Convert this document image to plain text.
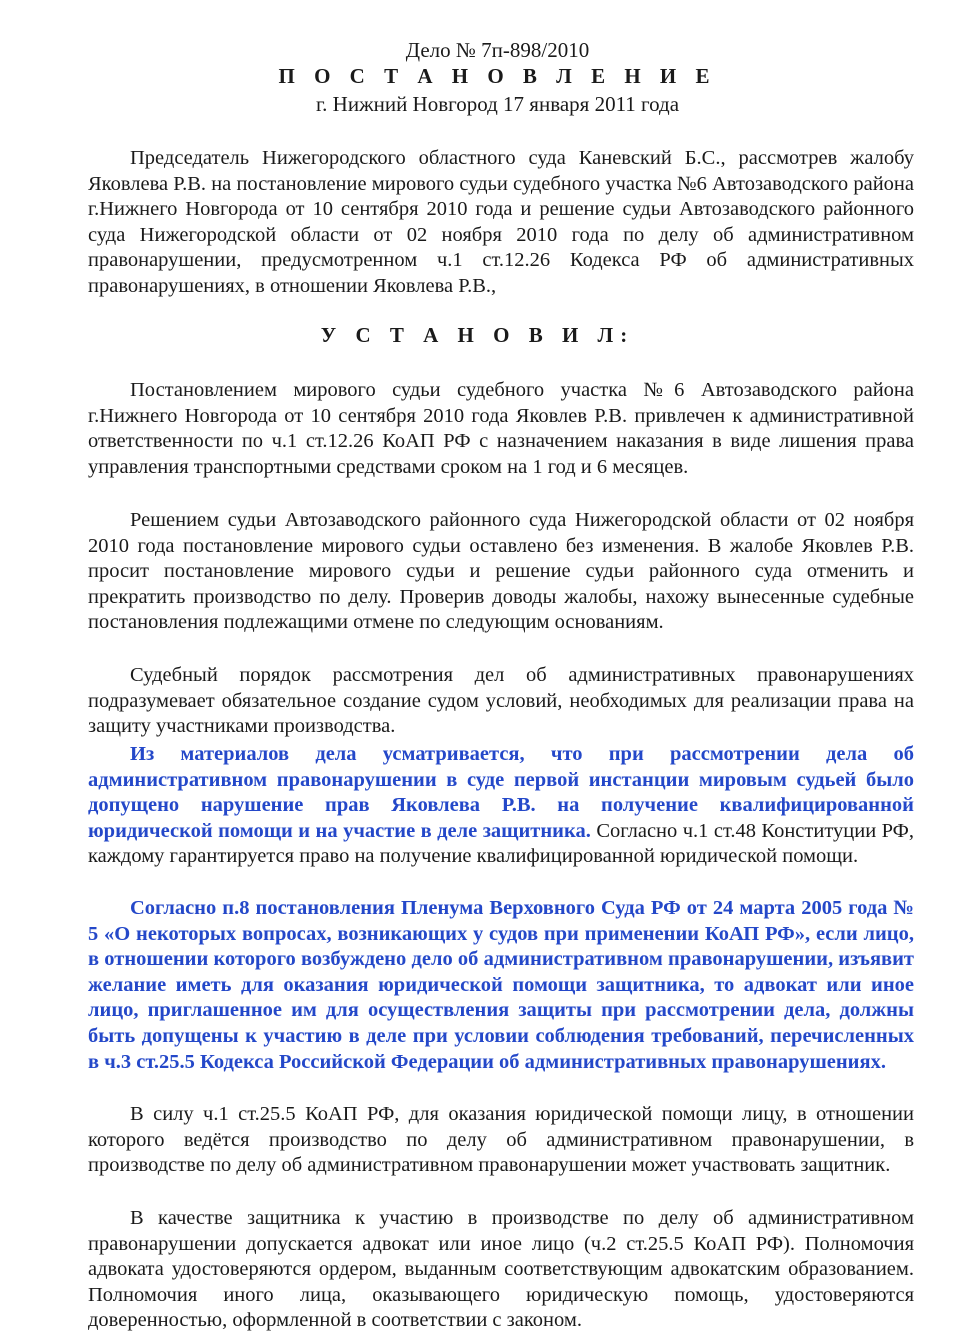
Дело № 7п-898/2010
П О С Т А Н О В Л Е Н И Е
г. Нижний Новгород 17 января 2011 года
Председатель Нижегородского областного суда Каневский Б.С., рассмотрев жалобу Яковлева Р.В. на постановление мирового судьи судебного участка №6 Автозаводского района г.Нижнего Новгорода от 10 сентября 2010 года и решение судьи Автозаводского районного суда Нижегородской области от 02 ноября 2010 года по делу об административном правонарушении, предусмотренном ч.1 ст.12.26 Кодекса РФ об административных правонарушениях, в отношении Яковлева Р.В.,
У С Т А Н О В И Л:
Постановлением мирового судьи судебного участка №6 Автозаводского района г.Нижнего Новгорода от 10 сентября 2010 года Яковлев Р.В. привлечен к административной ответственности по ч.1 ст.12.26 КоАП РФ с назначением наказания в виде лишения права управления транспортными средствами сроком на 1 год и 6 месяцев.
Решением судьи Автозаводского районного суда Нижегородской области от 02 ноября 2010 года постановление мирового судьи оставлено без изменения. В жалобе Яковлев Р.В. просит постановление мирового судьи и решение судьи районного суда отменить и прекратить производство по делу. Проверив доводы жалобы, нахожу вынесенные судебные постановления подлежащими отмене по следующим основаниям.
Судебный порядок рассмотрения дел об административных правонарушениях подразумевает обязательное создание судом условий, необходимых для реализации права на защиту участниками производства.
Из материалов дела усматривается, что при рассмотрении дела об административном правонарушении в суде первой инстанции мировым судьей было допущено нарушение прав Яковлева Р.В. на получение квалифицированной юридической помощи и на участие в деле защитника. Согласно ч.1 ст.48 Конституции РФ, каждому гарантируется право на получение квалифицированной юридической помощи.
Согласно п.8 постановления Пленума Верховного Суда РФ от 24 марта 2005 года № 5 «О некоторых вопросах, возникающих у судов при применении КоАП РФ», если лицо, в отношении которого возбуждено дело об административном правонарушении, изъявит желание иметь для оказания юридической помощи защитника, то адвокат или иное лицо, приглашенное им для осуществления защиты при рассмотрении дела, должны быть допущены к участию в деле при условии соблюдения требований, перечисленных в ч.3 ст.25.5 Кодекса Российской Федерации об административных правонарушениях.
В силу ч.1 ст.25.5 КоАП РФ, для оказания юридической помощи лицу, в отношении которого ведётся производство по делу об административном правонарушении, в производстве по делу об административном правонарушении может участвовать защитник.
В качестве защитника к участию в производстве по делу об административном правонарушении допускается адвокат или иное лицо (ч.2 ст.25.5 КоАП РФ). Полномочия адвоката удостоверяются ордером, выданным соответствующим адвокатским образованием. Полномочия иного лица, оказывающего юридическую помощь, удостоверяются доверенностью, оформленной в соответствии с законом.
